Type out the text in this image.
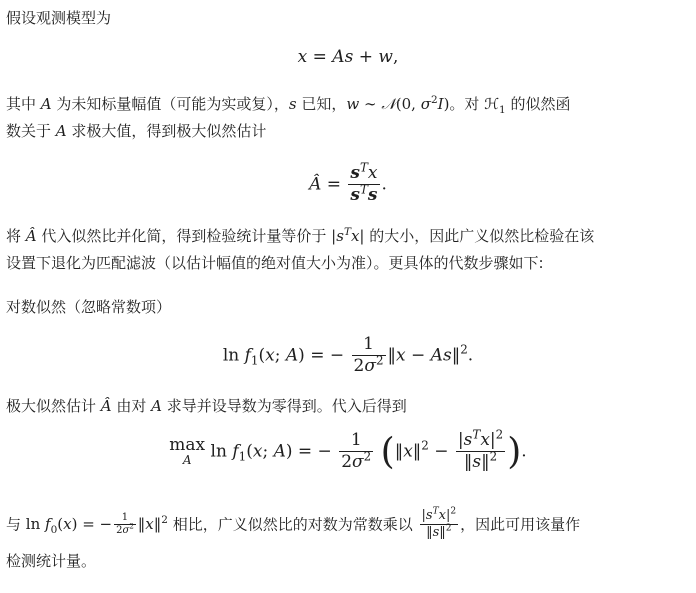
假设观测模型为

x = As + w,

其中 A 为未知标量幅值（可能为实或复），s 已知，w ∼ 𝒩(0, $\sigma^2I$)。对 ℋ$_1$ 的似然函

数关于 A 求极大值，得到极大似然估计

Â = $\frac{s^Tx}{s^Ts}$ .

将 Â 代入似然比并化简，得到检验统计量等价于 $|s^Tx|$ 的大小，因此广义似然比检验在该

设置下退化为匹配滤波（以估计幅值的绝对值大小为准）。更具体的代数步骤如下:

对数似然（忽略常数项）

$\ln f_1(x$; A) = − $\frac{1}{2\sigma^2}$ ‖x − As‖$^2$.

极大似然估计 Â 由对 A 求导并设导数为零得到。代入后得到

max
A $\ln f_1(x$; A) = − $\frac{1}{2\sigma^2}$ (‖x‖$^2$ − $\frac{|s^Tx|^2}{‖s‖^2}$ ).

与 $\ln f_0(x)$ = − $\frac{1}{2\sigma^2}$ ‖x‖$^2$ 相比，广义似然比的对数为常数乘以 $\frac{|s^Tx|^2}{‖s‖^2}$ ，因此可用该量作

检测统计量。
